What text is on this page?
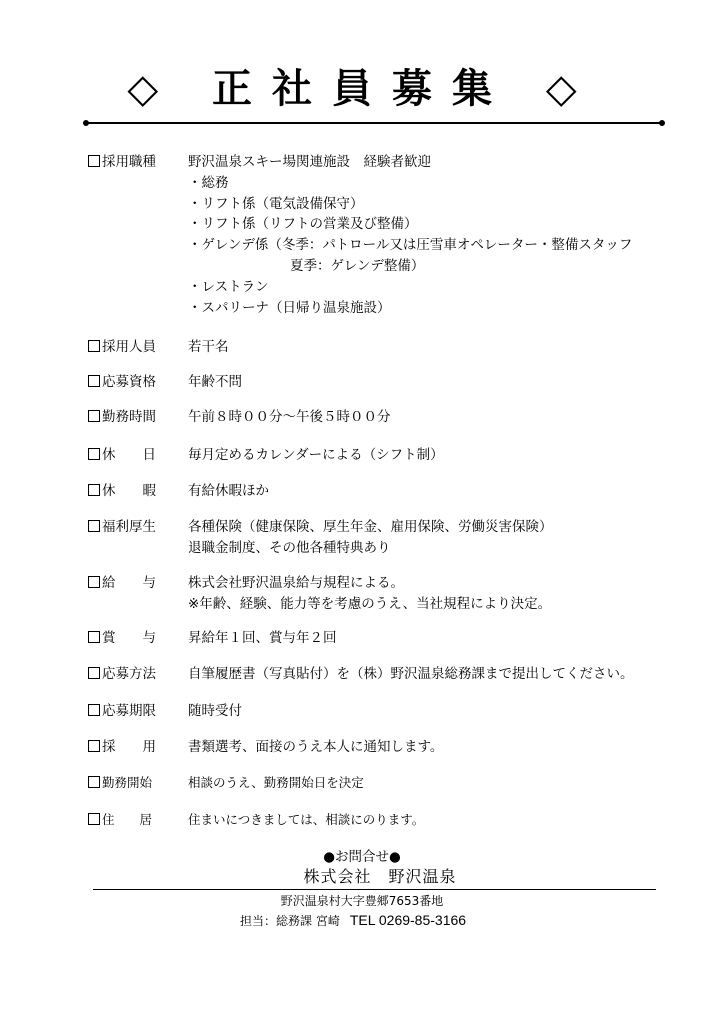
◇ 正社員募集 ◇
採用職種	野沢温泉スキー場関連施設　経験者歓迎
・総務
・リフト係（電気設備保守）
・リフト係（リフトの営業及び整備）
・ゲレンデ係（冬季：パトロール又は圧雪車オペレーター・整備スタッフ
夏季：ゲレンデ整備）
・レストラン
・スパリーナ（日帰り温泉施設）
採用人員	若干名
応募資格	年齢不問
勤務時間	午前８時００分～午後５時００分
休　　日	毎月定めるカレンダーによる（シフト制）
休　　暇	有給休暇ほか
福利厚生	各種保険（健康保険、厚生年金、雇用保険、労働災害保険）
退職金制度、その他各種特典あり
給　　与	株式会社野沢温泉給与規程による。
※年齢、経験、能力等を考慮のうえ、当社規程により決定。
賞　　与	昇給年１回、賞与年２回
応募方法	自筆履歴書（写真貼付）を（株）野沢温泉総務課まで提出してください。
応募期限	随時受付
採　　用	書類選考、面接のうえ本人に通知します。
勤務開始	相談のうえ、勤務開始日を決定
住　　居	住まいにつきましては、相談にのります。
●お問合せ●
株式会社　野沢温泉
野沢温泉村大字豊郷7653番地
担当：総務課 宮崎 TEL 0269-85-3166
